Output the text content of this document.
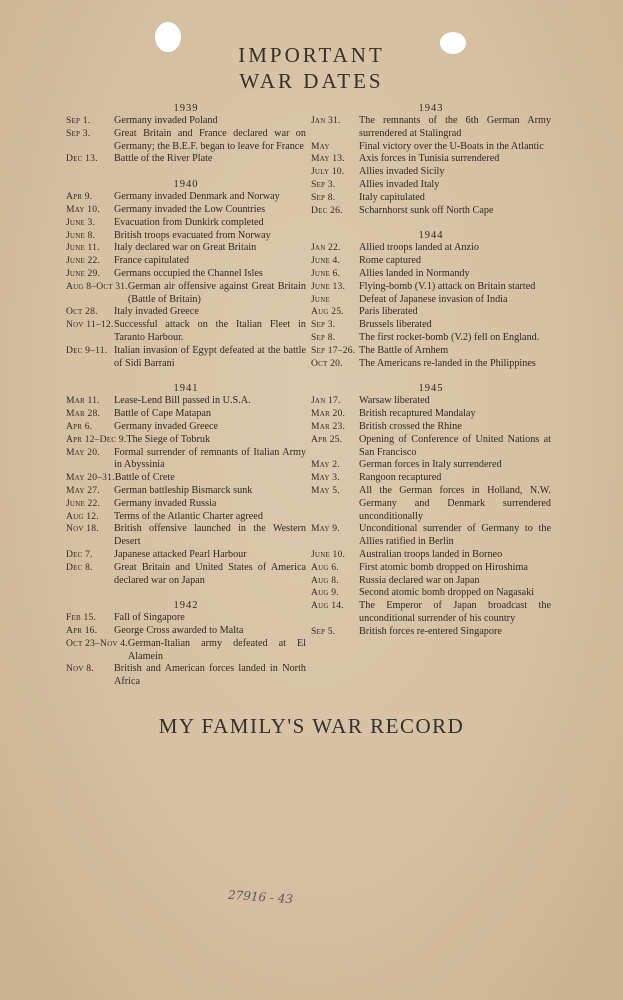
IMPORTANT
WAR DATES
1939
Sep 1.	Germany invaded Poland
Sep 3.	Great Britain and France declared war on Germany; the B.E.F. began to leave for France
Dec 13.	Battle of the River Plate
1940
Apr 9.	Germany invaded Denmark and Norway
May 10.	Germany invaded the Low Countries
June 3.	Evacuation from Dunkirk completed
June 8.	British troops evacuated from Norway
June 11.	Italy declared war on Great Britain
June 22.	France capitulated
June 29.	Germans occupied the Channel Isles
Aug 8–Oct 31. German air offensive against Great Britain (Battle of Britain)
Oct 28.	Italy invaded Greece
Nov 11–12. Successful attack on the Italian Fleet in Taranto Harbour.
Dec 9–11. Italian invasion of Egypt defeated at the battle of Sidi Barrani
1941
Mar 11.	Lease-Lend Bill passed in U.S.A.
Mar 28.	Battle of Cape Matapan
Apr 6.	Germany invaded Greece
Apr 12–Dec 9. The Siege of Tobruk
May 20.	Formal surrender of remnants of Italian Army in Abyssinia
May 20–31. Battle of Crete
May 27.	German battleship Bismarck sunk
June 22.	Germany invaded Russia
Aug 12.	Terms of the Atlantic Charter agreed
Nov 18.	British offensive launched in the Western Desert
Dec 7.	Japanese attacked Pearl Harbour
Dec 8.	Great Britain and United States of America declared war on Japan
1942
Feb 15.	Fall of Singapore
Apr 16.	George Cross awarded to Malta
Oct 23–Nov 4. German-Italian army defeated at El Alamein
Nov 8.	British and American forces landed in North Africa
1943
Jan 31.	The remnants of the 6th German Army surrendered at Stalingrad
May	Final victory over the U-Boats in the Atlantic
May 13.	Axis forces in Tunisia surrendered
July 10.	Allies invaded Sicily
Sep 3.	Allies invaded Italy
Sep 8.	Italy capitulated
Dec 26.	Scharnhorst sunk off North Cape
1944
Jan 22.	Allied troops landed at Anzio
June 4.	Rome captured
June 6.	Allies landed in Normandy
June 13.	Flying-bomb (V.1) attack on Britain started
June	Defeat of Japanese invasion of India
Aug 25.	Paris liberated
Sep 3.	Brussels liberated
Sep 8.	The first rocket-bomb (V.2) fell on England.
Sep 17–26. The Battle of Arnhem
Oct 20.	The Americans re-landed in the Philippines
1945
Jan 17.	Warsaw liberated
Mar 20.	British recaptured Mandalay
Mar 23.	British crossed the Rhine
Apr 25.	Opening of Conference of United Nations at San Francisco
May 2.	German forces in Italy surrendered
May 3.	Rangoon recaptured
May 5.	All the German forces in Holland, N.W. Germany and Denmark surrendered unconditionally
May 9.	Unconditional surrender of Germany to the Allies ratified in Berlin
June 10.	Australian troops landed in Borneo
Aug 6.	First atomic bomb dropped on Hiroshima
Aug 8.	Russia declared war on Japan
Aug 9.	Second atomic bomb dropped on Nagasaki
Aug 14.	The Emperor of Japan broadcast the unconditional surrender of his country
Sep 5.	British forces re-entered Singapore
MY FAMILY'S WAR RECORD
27916 - 43
